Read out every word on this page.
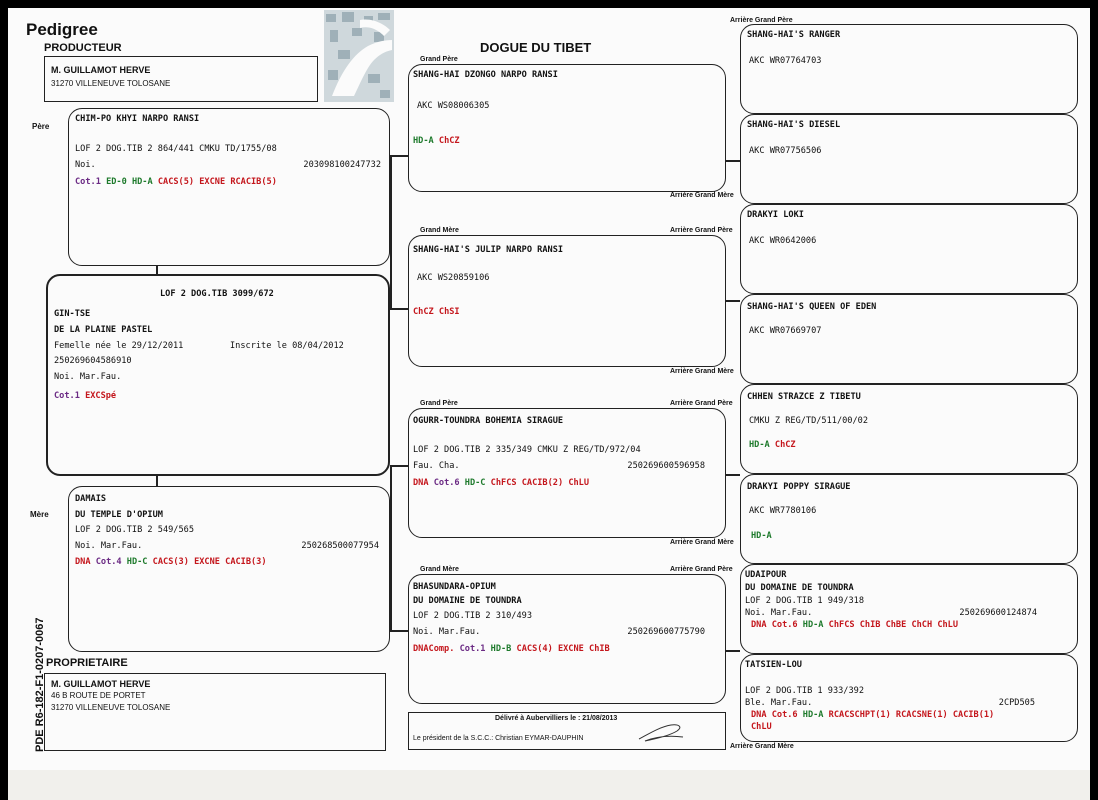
Pedigree
PRODUCTEUR	DOGUE DU TIBET
M. GUILLAMOT HERVE
31270 VILLENEUVE TOLOSANE
Père
Mère
CHIM-PO KHYI NARPO RANSI
LOF 2 DOG.TIB 2 864/441 CMKU TD/1755/08
Noi.	203098100247732
Cot.1 ED-0 HD-A CACS(5) EXCNE RCACIB(5)
LOF 2 DOG.TIB 3099/672
GIN-TSE
DE LA PLAINE PASTEL
Femelle née le 29/12/2011	Inscrite le 08/04/2012
250269604586910
Noi. Mar.Fau.
Cot.1 EXCSpé
DAMAIS
DU TEMPLE D'OPIUM
LOF 2 DOG.TIB 2 549/565
Noi. Mar.Fau.	250268500077954
DNA Cot.4 HD-C CACS(3) EXCNE CACIB(3)
PROPRIETAIRE
M. GUILLAMOT HERVE
46 B ROUTE DE PORTET
31270 VILLENEUVE TOLOSANE
PDE R6-182-F1-0207-0067
Grand Père
SHANG-HAI DZONGO NARPO RANSI
AKC WS08006305
HD-A ChCZ
Arrière Grand Mère
Grand Mère	Arrière Grand Père
SHANG-HAI'S JULIP NARPO RANSI
AKC WS20859106
ChCZ ChSI
Arrière Grand Mère
Grand Père	Arrière Grand Père
OGURR-TOUNDRA BOHEMIA SIRAGUE
LOF 2 DOG.TIB 2 335/349 CMKU Z REG/TD/972/04
Fau. Cha.	250269600596958
DNA Cot.6 HD-C ChFCS CACIB(2) ChLU
Arrière Grand Mère
Grand Mère	Arrière Grand Père
BHASUNDARA-OPIUM
DU DOMAINE DE TOUNDRA
LOF 2 DOG.TIB 2 310/493
Noi. Mar.Fau.	250269600775790
DNAComp. Cot.1 HD-B CACS(4) EXCNE ChIB
Délivré à Aubervilliers le : 21/08/2013
Le président de la S.C.C.: Christian EYMAR-DAUPHIN
Arrière Grand Père
SHANG-HAI'S RANGER
AKC WR07764703
SHANG-HAI'S DIESEL
AKC WR07756506
DRAKYI LOKI
AKC WR0642006
SHANG-HAI'S QUEEN OF EDEN
AKC WR07669707
CHHEN STRAZCE Z TIBETU
CMKU Z REG/TD/511/00/02
HD-A ChCZ
DRAKYI POPPY SIRAGUE
AKC WR7780106
HD-A
UDAIPOUR
DU DOMAINE DE TOUNDRA
LOF 2 DOG.TIB 1 949/318
Noi. Mar.Fau.	250269600124874
DNA Cot.6 HD-A ChFCS ChIB ChBE ChCH ChLU
TATSIEN-LOU
LOF 2 DOG.TIB 1 933/392
Ble. Mar.Fau.	2CPD505
DNA Cot.6 HD-A RCACSCHPT(1) RCACSNE(1) CACIB(1)
ChLU
Arrière Grand Mère
